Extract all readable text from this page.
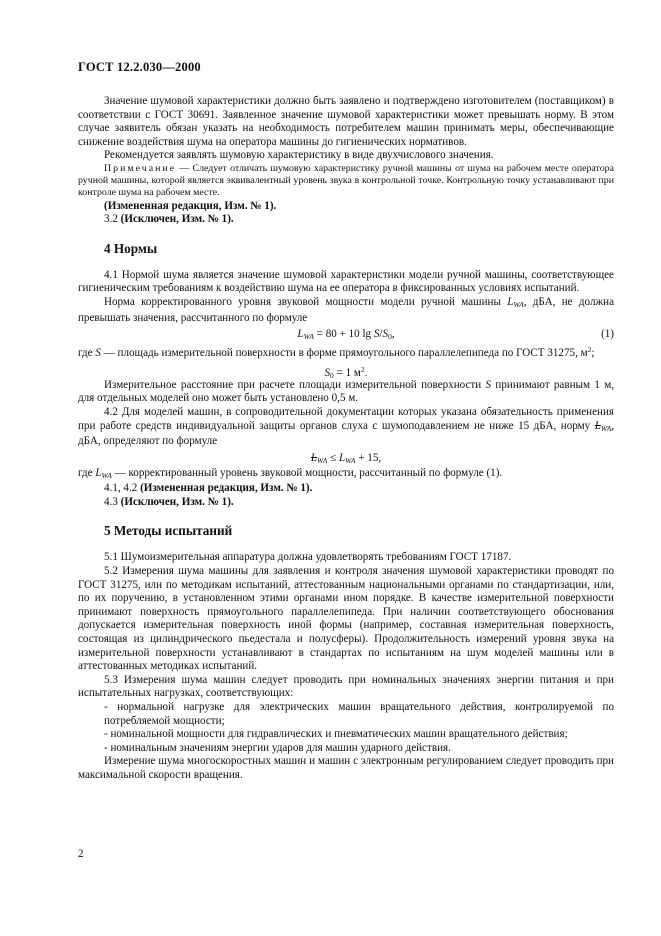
ГОСТ 12.2.030—2000

Значение шумовой характеристики должно быть заявлено и подтверждено изготовителем (поставщиком) в соответствии с ГОСТ 30691. Заявленное значение шумовой характеристики может превышать норму. В этом случае заявитель обязан указать на необходимость потребителем машин принимать меры, обеспечивающие снижение воздействия шума на оператора машины до гигиенических нормативов.

Рекомендуется заявлять шумовую характеристику в виде двухчислового значения.

Примечание — Следует отличать шумовую характеристику ручной машины от шума на рабочем месте оператора ручной машины, которой является эквивалентный уровень звука в контрольной точке. Контрольную точку устанавливают при контроле шума на рабочем месте.

(Измененная редакция, Изм. № 1).

3.2 (Исключен, Изм. № 1).

4 Нормы

4.1 Нормой шума является значение шумовой характеристики модели ручной машины, соответствующее гигиеническим требованиям к воздействию шума на ее оператора в фиксированных условиях испытаний.

Норма корректированного уровня звуковой мощности модели ручной машины $L_{WA}$, дБА, не должна превышать значения, рассчитанного по формуле

$L_{WA} = 80 + 10$ $\lg S/S_0$,	(1)

где S — площадь измерительной поверхности в форме прямоугольного параллелепипеда по ГОСТ 31275, $м^2$;

$S_0 = 1$ $м^2$.

Измерительное расстояние при расчете площади измерительной поверхности S принимают равным 1 м, для отдельных моделей оно может быть установлено 0,5 м.

4.2 Для моделей машин, в сопроводительной документации которых указана обязательность применения при работе средств индивидуальной защиты органов слуха с шумоподавлением не ниже 15 дБА, норму $L_{WA}$, дБА, определяют по формуле

$L_{WA} \le L_{WA} + 15$,

где $L_{WA}$ — корректированный уровень звуковой мощности, рассчитанный по формуле (1).

4.1, 4.2 (Измененная редакция, Изм. № 1).

4.3 (Исключен, Изм. № 1).

5 Методы испытаний

5.1 Шумоизмерительная аппаратура должна удовлетворять требованиям ГОСТ 17187.

5.2 Измерения шума машины для заявления и контроля значения шумовой характеристики проводят по ГОСТ 31275, или по методикам испытаний, аттестованным национальными органами по стандартизации, или, по их поручению, в установленном этими органами ином порядке. В качестве измерительной поверхности принимают поверхность прямоугольного параллелепипеда. При наличии соответствующего обоснования допускается измерительная поверхность иной формы (например, составная измерительная поверхность, состоящая из цилиндрического пьедестала и полусферы). Продолжительность измерений уровня звука на измерительной поверхности устанавливают в стандартах по испытаниям на шум моделей машины или в аттестованных методиках испытаний.

5.3 Измерения шума машин следует проводить при номинальных значениях энергии питания и при испытательных нагрузках, соответствующих:

- нормальной нагрузке для электрических машин вращательного действия, контролируемой по потребляемой мощности;

- номинальной мощности для гидравлических и пневматических машин вращательного действия;

- номинальным значениям энергии ударов для машин ударного действия.

Измерение шума многоскоростных машин и машин с электронным регулированием следует проводить при максимальной скорости вращения.

2
